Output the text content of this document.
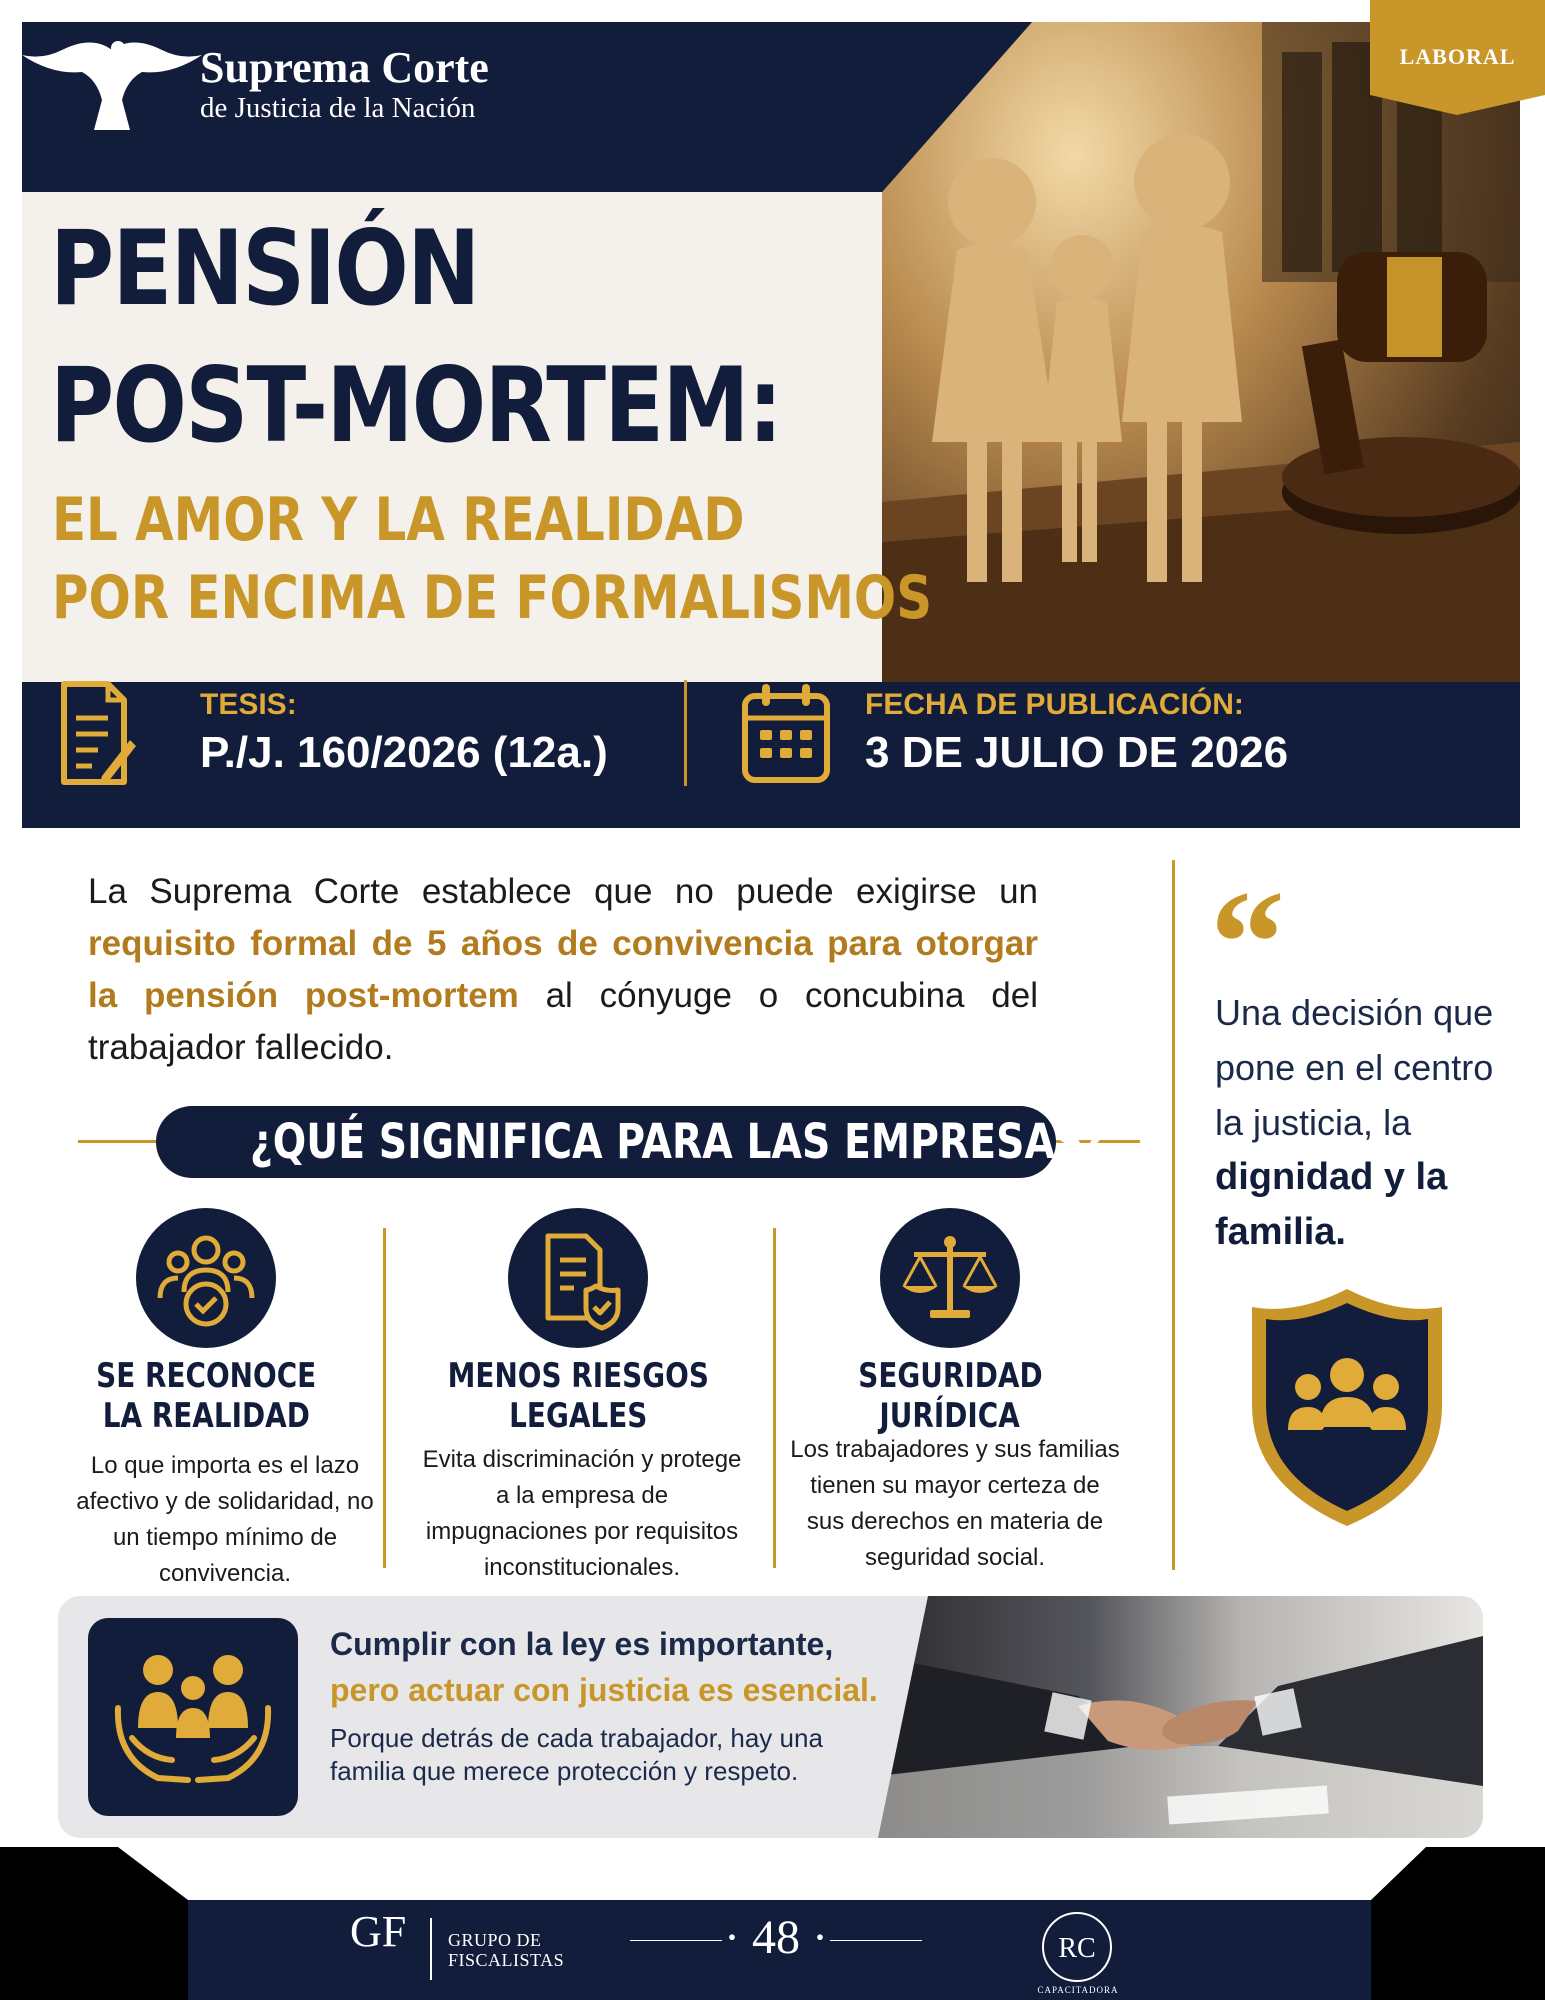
Suprema Corte
de Justicia de la Nación
PENSIÓN
POST-MORTEM:
EL AMOR Y LA REALIDAD
POR ENCIMA DE FORMALISMOS
TESIS:
P./J. 160/2026 (12a.)
FECHA DE PUBLICACIÓN:
3 DE JULIO DE 2026
LABORAL
La Suprema Corte establece que no puede exigirse un requisito formal de 5 años de convivencia para otorgar la pensión post-mortem al cónyuge o concubina del trabajador fallecido.
“
Una decisión que pone en el centro la justicia, la
dignidad y la familia.
¿QUÉ SIGNIFICA PARA LAS EMPRESAS?
SE RECONOCE
LA REALIDAD
Lo que importa es el lazo afectivo y de solidaridad, no un tiempo mínimo de convivencia.
MENOS RIESGOS
LEGALES
Evita discriminación y protege a la empresa de impugnaciones por requisitos inconstitucionales.
SEGURIDAD
JURÍDICA
Los trabajadores y sus familias tienen su mayor certeza de sus derechos en materia de seguridad social.
Cumplir con la ley es importante,
pero actuar con justicia es esencial.
Porque detrás de cada trabajador, hay una familia que merece protección y respeto.
GF GRUPO DE
FISCALISTAS	· 48 ·	RC
CAPACITADORA
